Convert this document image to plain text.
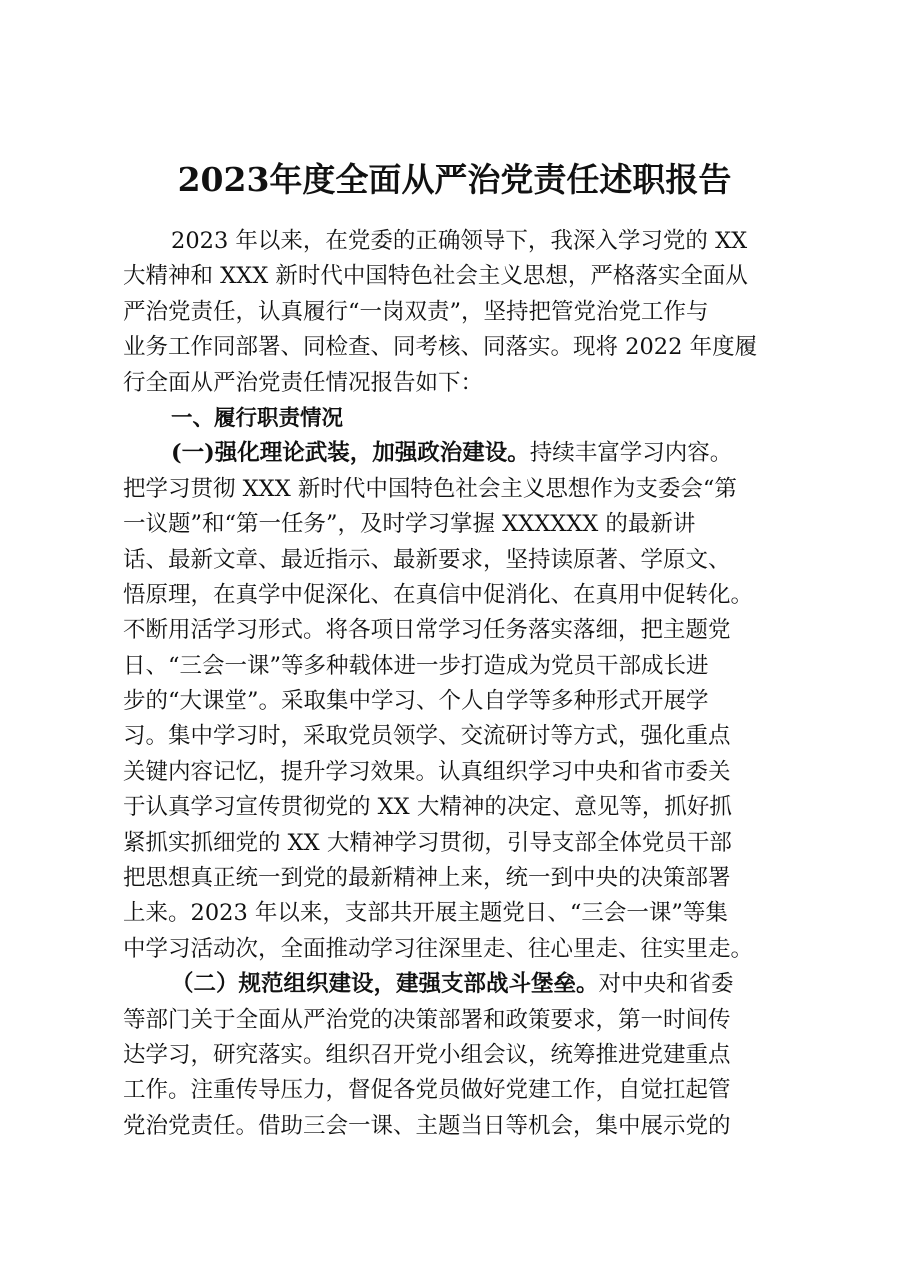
2023年度全面从严治党责任述职报告
2023 年以来，在党委的正确领导下，我深入学习党的 XX
大精神和 XXX 新时代中国特色社会主义思想，严格落实全面从
严治党责任，认真履行“一岗双责”，坚持把管党治党工作与
业务工作同部署、同检查、同考核、同落实。现将 2022 年度履
行全面从严治党责任情况报告如下：
一、履行职责情况
(一)强化理论武装，加强政治建设。持续丰富学习内容。
把学习贯彻 XXX 新时代中国特色社会主义思想作为支委会“第
一议题”和“第一任务”，及时学习掌握 XXXXXX 的最新讲
话、最新文章、最近指示、最新要求，坚持读原著、学原文、
悟原理，在真学中促深化、在真信中促消化、在真用中促转化。
不断用活学习形式。将各项日常学习任务落实落细，把主题党
日、“三会一课”等多种载体进一步打造成为党员干部成长进
步的“大课堂”。采取集中学习、个人自学等多种形式开展学
习。集中学习时，采取党员领学、交流研讨等方式，强化重点
关键内容记忆，提升学习效果。认真组织学习中央和省市委关
于认真学习宣传贯彻党的 XX 大精神的决定、意见等，抓好抓
紧抓实抓细党的 XX 大精神学习贯彻，引导支部全体党员干部
把思想真正统一到党的最新精神上来，统一到中央的决策部署
上来。2023 年以来，支部共开展主题党日、“三会一课”等集
中学习活动次，全面推动学习往深里走、往心里走、往实里走。
（二）规范组织建设，建强支部战斗堡垒。对中央和省委
等部门关于全面从严治党的决策部署和政策要求，第一时间传
达学习，研究落实。组织召开党小组会议，统筹推进党建重点
工作。注重传导压力，督促各党员做好党建工作，自觉扛起管
党治党责任。借助三会一课、主题当日等机会，集中展示党的
